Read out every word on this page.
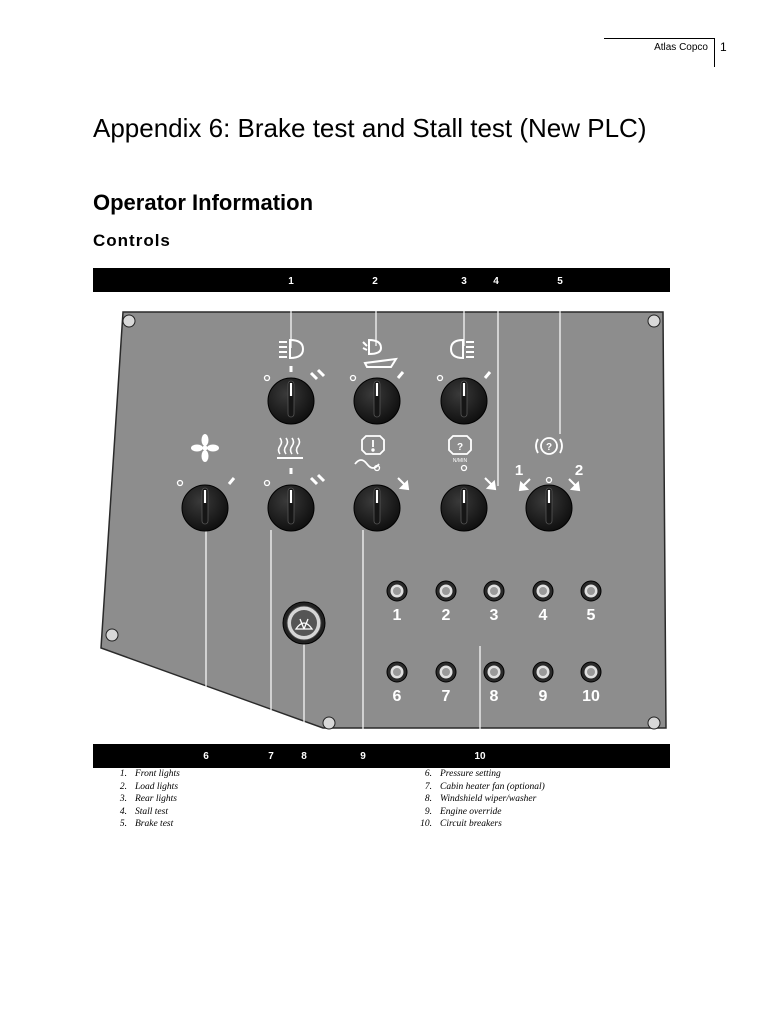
Atlas Copco 1
Appendix 6: Brake test and Stall test (New PLC)
Operator Information
Controls
1	2	3	4	5
6	7	8	9	10
?
N/MIN
?
1	2
1	2 3	4 5
6	7 8	9 10
1250 0064 01
1. Front lights
2. Load lights
3. Rear lights
4. Stall test
5. Brake test
6. Pressure setting
7. Cabin heater fan (optional)
8. Windshield wiper/washer
9. Engine override
10. Circuit breakers
